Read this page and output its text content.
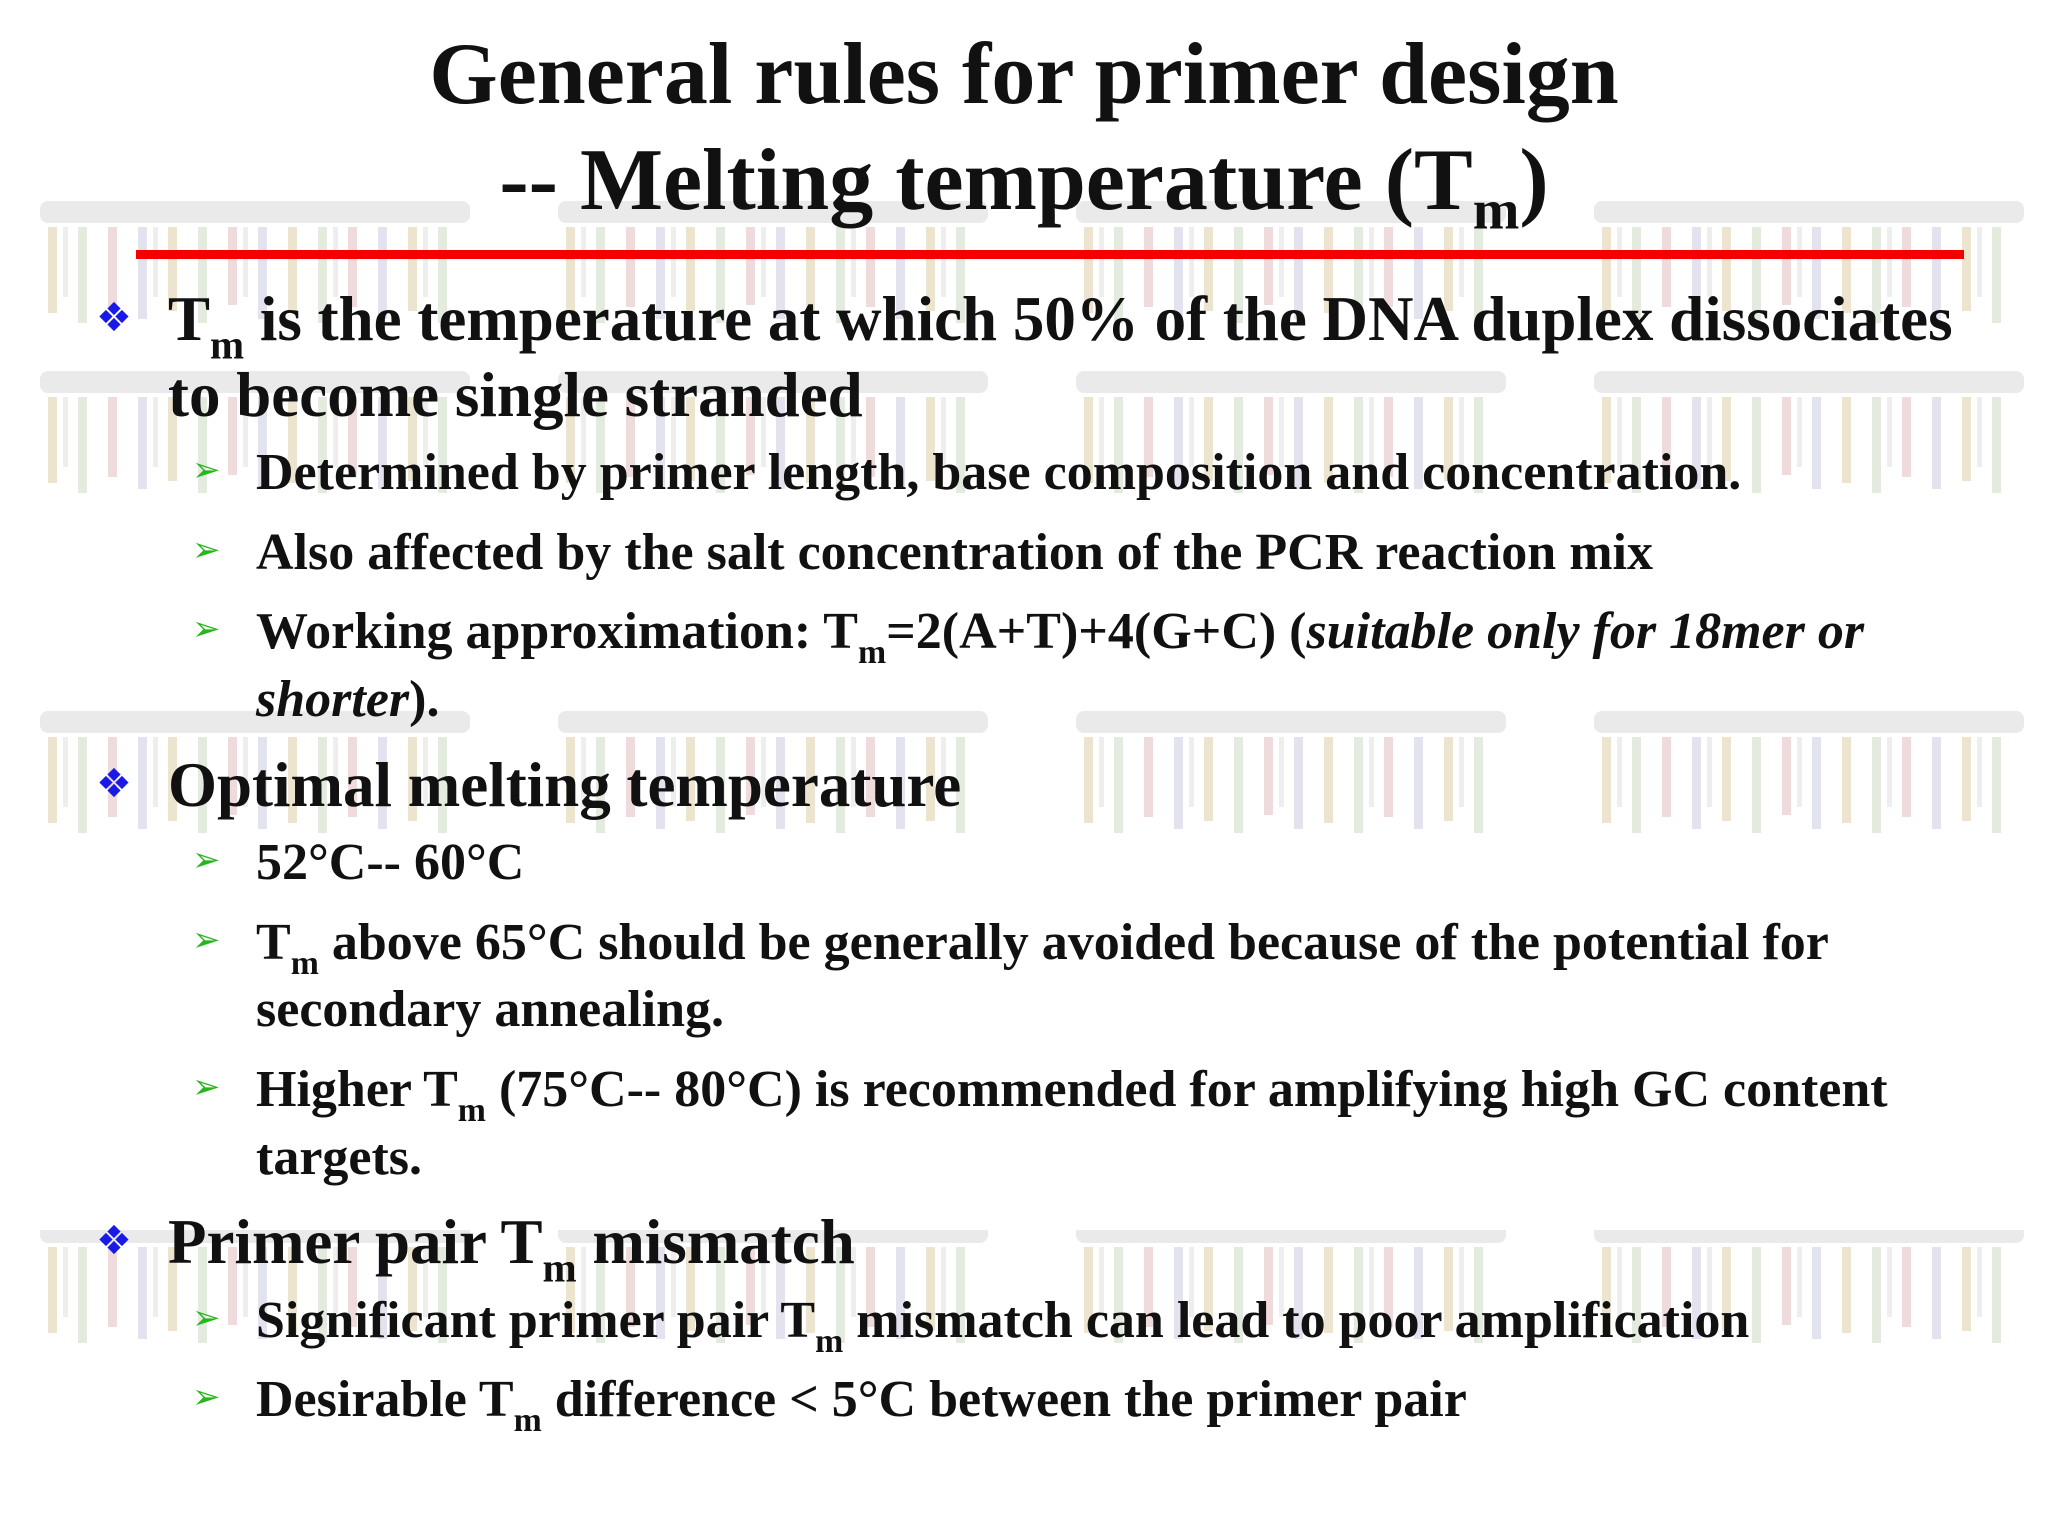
General rules for primer design
-- Melting temperature $(T_m)$
❖ $T_m$ is the temperature at which 50% of the DNA duplex dissociates to become single stranded
➢ Determined by primer length, base composition and concentration.
➢ Also affected by the salt concentration of the PCR reaction mix
➢ Working approximation: $T_m=2(A+T)+4(G+C)$ (suitable only for 18mer or shorter).
❖ Optimal melting temperature
➢ 52°C-- 60°C
➢ $T_m$ above 65°C should be generally avoided because of the potential for secondary annealing.
➢ Higher $T_m$ (75°C-- 80°C) is recommended for amplifying high GC content targets.
❖ Primer pair $T_m$ mismatch
➢ Significant primer pair $T_m$ mismatch can lead to poor amplification
➢ Desirable $T_m$ difference < 5°C between the primer pair
